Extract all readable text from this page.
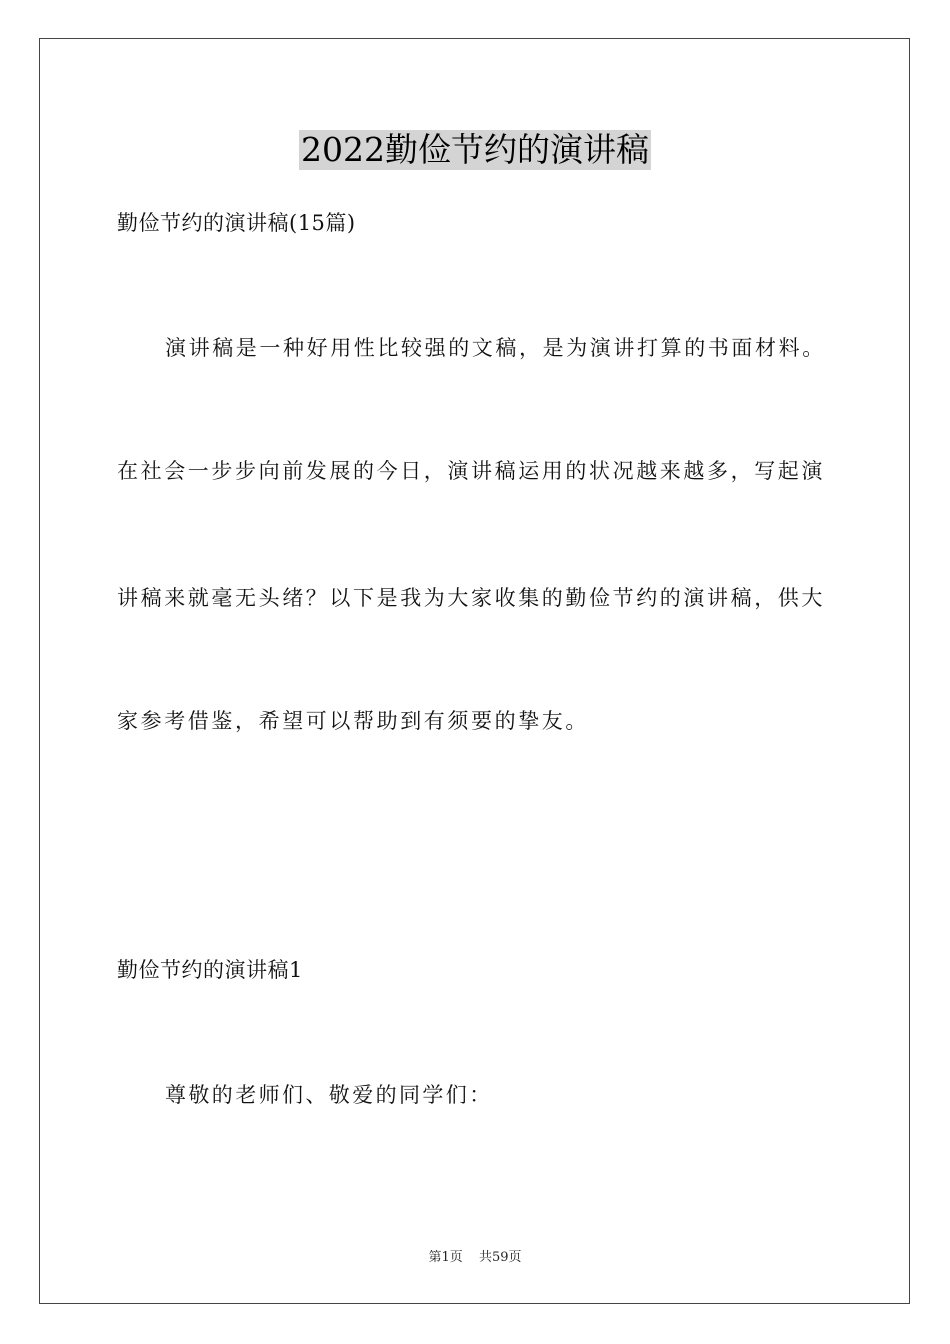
2022勤俭节约的演讲稿
勤俭节约的演讲稿(15篇)
演讲稿是一种好用性比较强的文稿，是为演讲打算的书面材料。
在社会一步步向前发展的今日，演讲稿运用的状况越来越多，写起演
讲稿来就毫无头绪？以下是我为大家收集的勤俭节约的演讲稿，供大
家参考借鉴，希望可以帮助到有须要的挚友。
勤俭节约的演讲稿1
尊敬的老师们、敬爱的同学们：
第1页 共59页
